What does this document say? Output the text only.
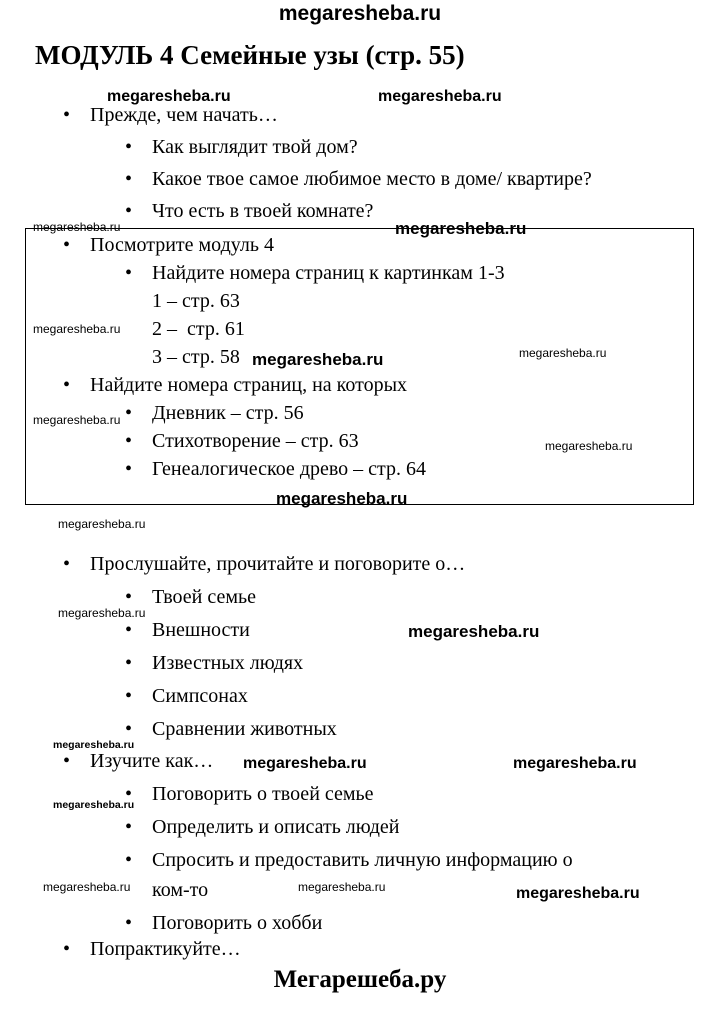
megaresheba.ru
megaresheba.ru	megaresheba.ru
megaresheba.ru	megaresheba.ru
megaresheba.ru
megaresheba.ru
megaresheba.ru
megaresheba.ru
megaresheba.ru
megaresheba.ru
megaresheba.ru
megaresheba.ru
megaresheba.ru
megaresheba.ru
megaresheba.ru	megaresheba.ru
megaresheba.ru
megaresheba.ru	megaresheba.ru	megaresheba.ru
МОДУЛЬ 4 Семейные узы (стр. 55)
• Прежде, чем начать…
• Как выглядит твой дом?
• Какое твое самое любимое место в доме/ квартире?
• Что есть в твоей комнате?
• Посмотрите модуль 4
• Найдите номера страниц к картинкам 1-3
1 – стр. 63
2 –  стр. 61
3 – стр. 58
• Найдите номера страниц, на которых
• Дневник – стр. 56
• Стихотворение – стр. 63
• Генеалогическое древо – стр. 64
• Прослушайте, прочитайте и поговорите о…
• Твоей семье
• Внешности
• Известных людях
• Симпсонах
• Сравнении животных
• Изучите как…
• Поговорить о твоей семье
• Определить и описать людей
• Спросить и предоставить личную информацию о ком-то
• Поговорить о хобби
• Попрактикуйте…
Мегарешеба.ру
